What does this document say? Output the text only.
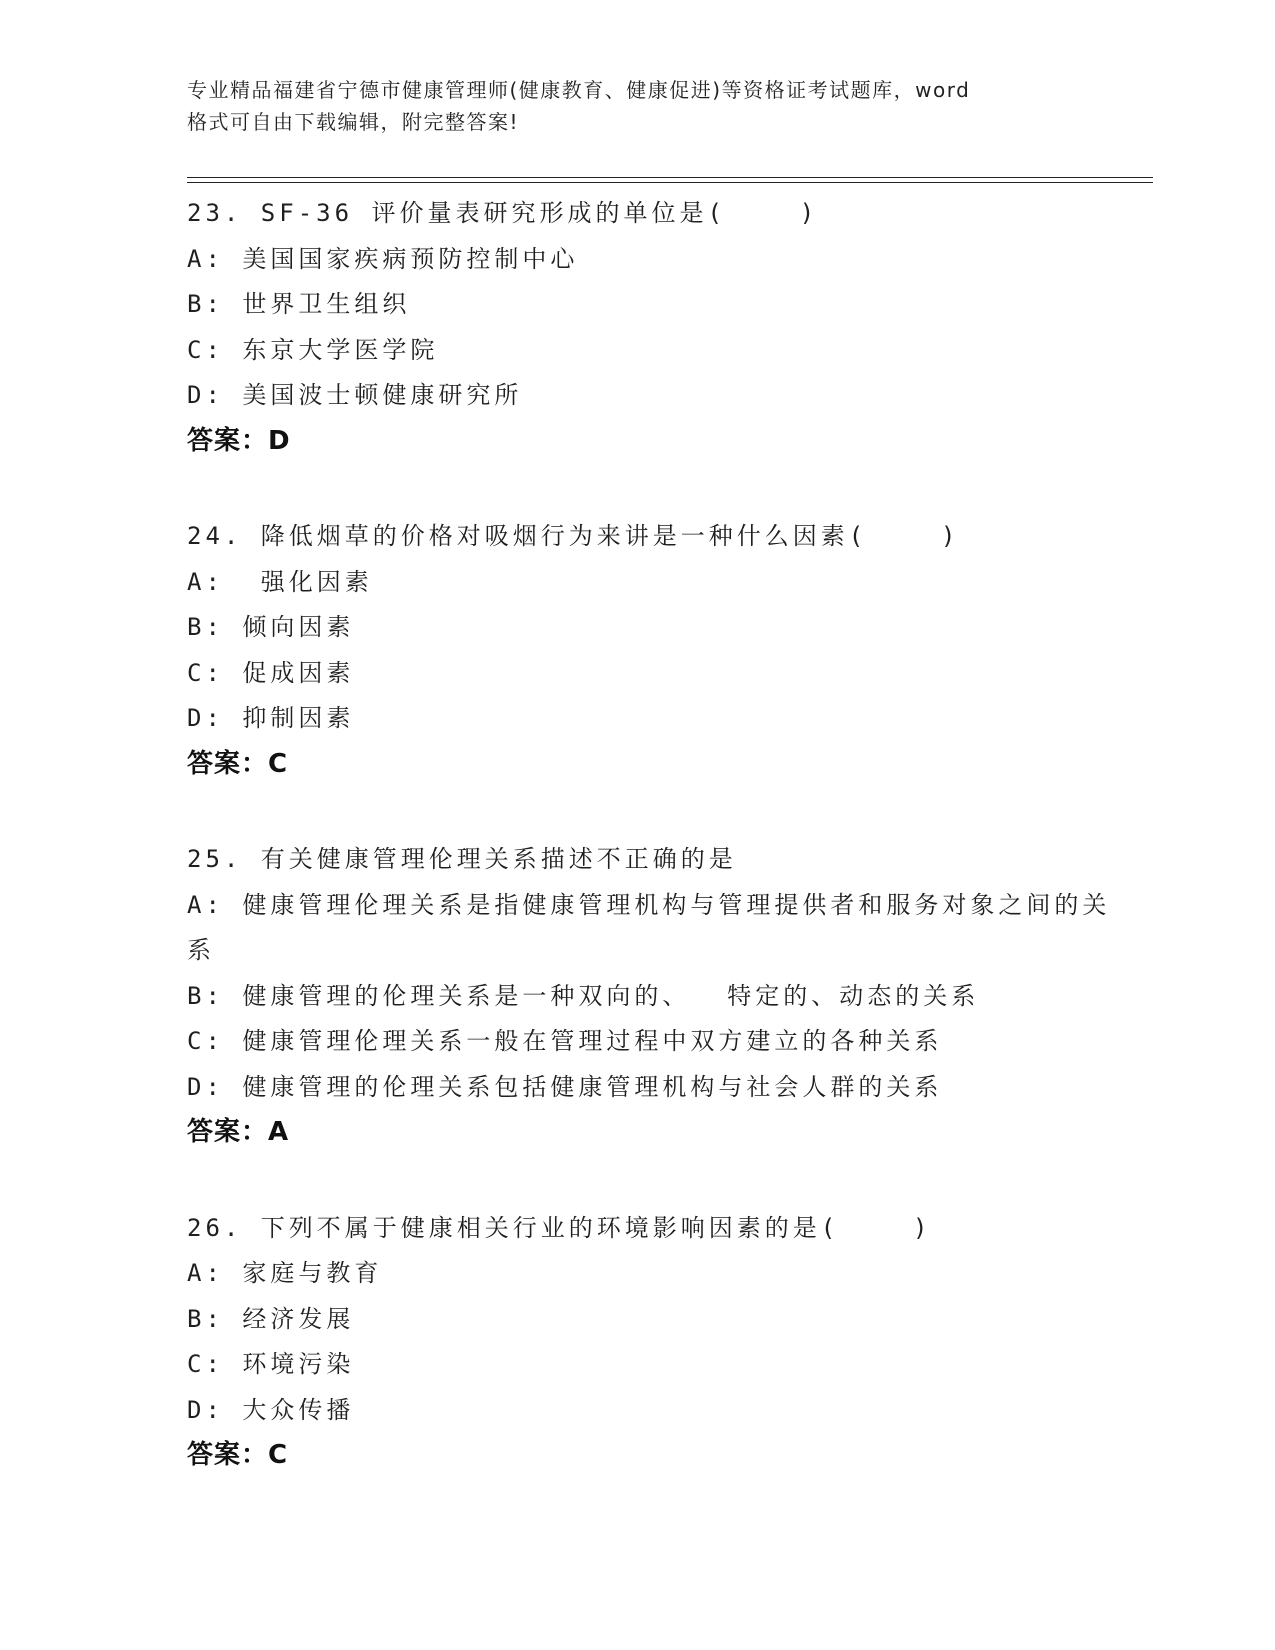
专业精品福建省宁德市健康管理师(健康教育、健康促进)等资格证考试题库，word
格式可自由下载编辑，附完整答案!
23. SF-36 评价量表研究形成的单位是(    )
A: 美国国家疾病预防控制中心
B: 世界卫生组织
C: 东京大学医学院
D: 美国波士顿健康研究所
答案：D
24. 降低烟草的价格对吸烟行为来讲是一种什么因素(    )
A:  强化因素
B: 倾向因素
C: 促成因素
D: 抑制因素
答案：C
25. 有关健康管理伦理关系描述不正确的是
A: 健康管理伦理关系是指健康管理机构与管理提供者和服务对象之间的关系
B: 健康管理的伦理关系是一种双向的、  特定的、动态的关系
C: 健康管理伦理关系一般在管理过程中双方建立的各种关系
D: 健康管理的伦理关系包括健康管理机构与社会人群的关系
答案：A
26. 下列不属于健康相关行业的环境影响因素的是(    )
A: 家庭与教育
B: 经济发展
C: 环境污染
D: 大众传播
答案：C
